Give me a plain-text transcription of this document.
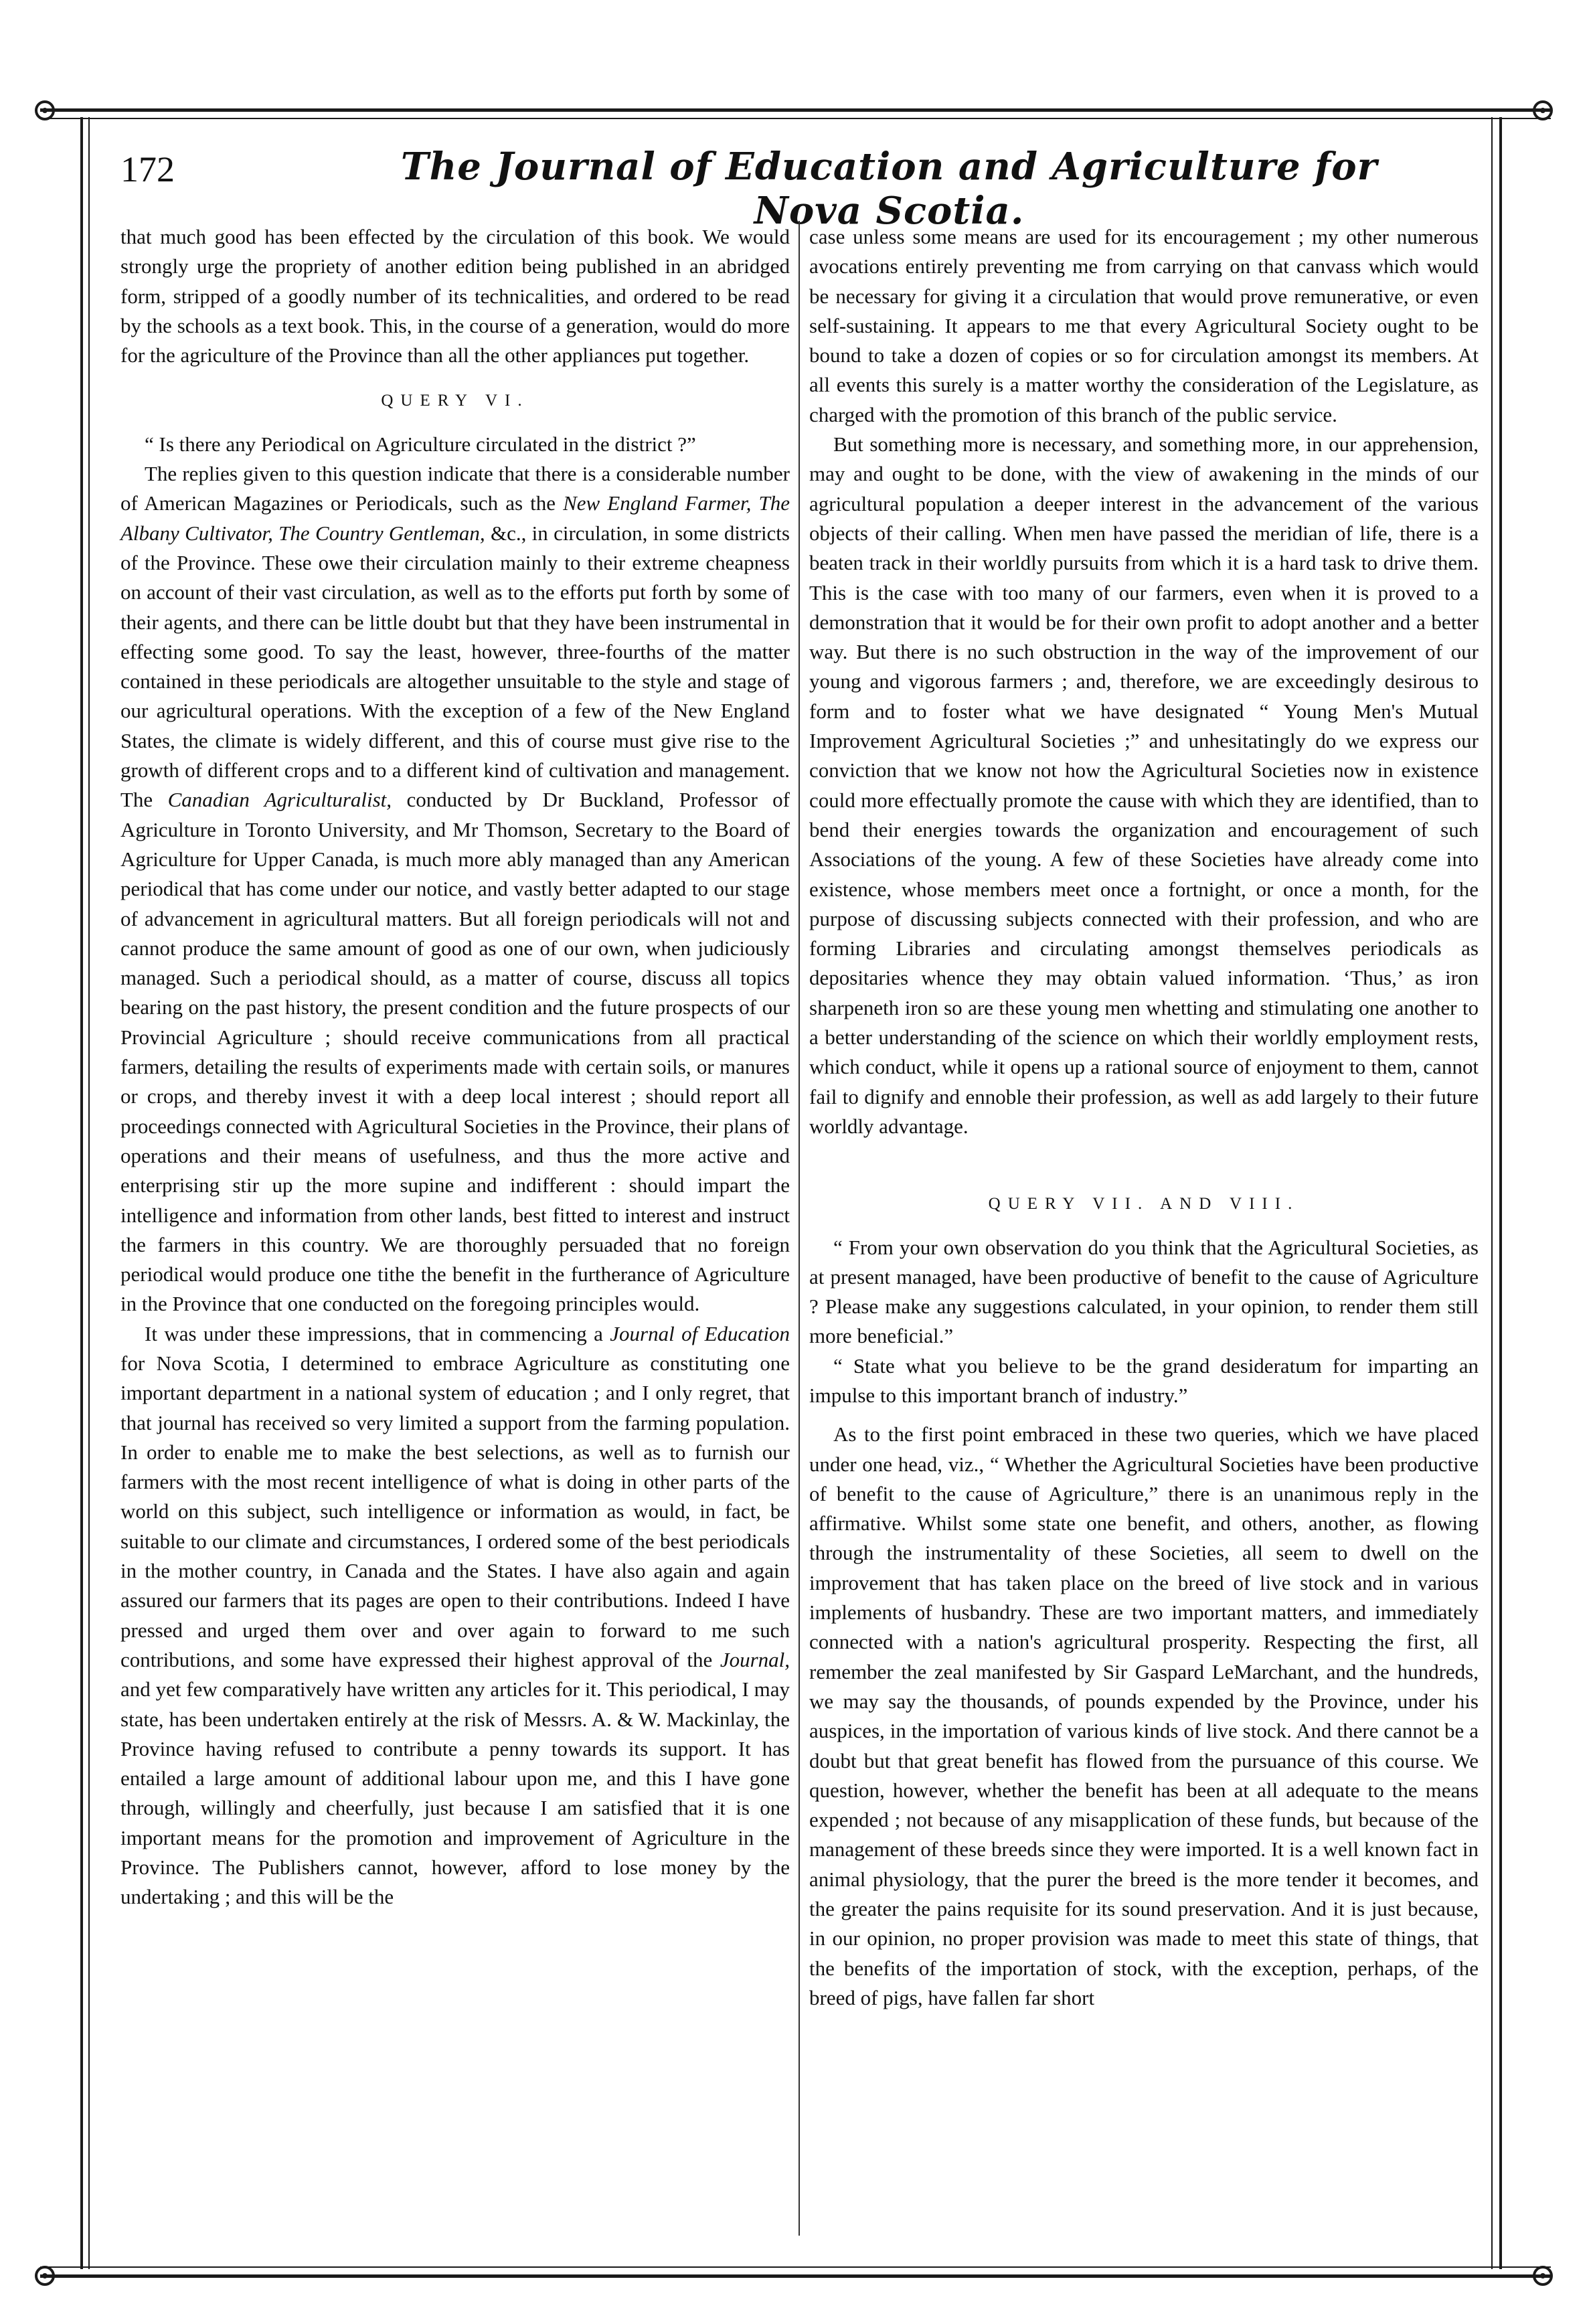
172	The Journal of Education and Agriculture for Nova Scotia.

that much good has been effected by the circulation of this book. We would strongly urge the propriety of another edition being published in an abridged form, stripped of a goodly number of its technicalities, and ordered to be read by the schools as a text book. This, in the course of a generation, would do more for the agriculture of the Province than all the other appliances put together.

QUERY VI.

“ Is there any Periodical on Agriculture circulated in the district ?”

The replies given to this question indicate that there is a considerable number of American Magazines or Periodicals, such as the New England Farmer, The Albany Cultivator, The Country Gentleman, &c., in circulation, in some districts of the Province. These owe their circulation mainly to their extreme cheapness on account of their vast circulation, as well as to the efforts put forth by some of their agents, and there can be little doubt but that they have been instrumental in effecting some good. To say the least, however, three-fourths of the matter contained in these periodicals are altogether unsuitable to the style and stage of our agricultural operations. With the exception of a few of the New England States, the climate is widely different, and this of course must give rise to the growth of different crops and to a different kind of cultivation and management. The Canadian Agriculturalist, conducted by Dr Buckland, Professor of Agriculture in Toronto University, and Mr Thomson, Secretary to the Board of Agriculture for Upper Canada, is much more ably managed than any American periodical that has come under our notice, and vastly better adapted to our stage of advancement in agricultural matters. But all foreign periodicals will not and cannot produce the same amount of good as one of our own, when judiciously managed. Such a periodical should, as a matter of course, discuss all topics bearing on the past history, the present condition and the future prospects of our Provincial Agriculture ; should receive communications from all practical farmers, detailing the results of experiments made with certain soils, or manures or crops, and thereby invest it with a deep local interest ; should report all proceedings connected with Agricultural Societies in the Province, their plans of operations and their means of usefulness, and thus the more active and enterprising stir up the more supine and indifferent : should impart the intelligence and information from other lands, best fitted to interest and instruct the farmers in this country. We are thoroughly persuaded that no foreign periodical would produce one tithe the benefit in the furtherance of Agriculture in the Province that one conducted on the foregoing principles would.

It was under these impressions, that in commencing a Journal of Education for Nova Scotia, I determined to embrace Agriculture as constituting one important department in a national system of education ; and I only regret, that that journal has received so very limited a support from the farming population. In order to enable me to make the best selections, as well as to furnish our farmers with the most recent intelligence of what is doing in other parts of the world on this subject, such intelligence or information as would, in fact, be suitable to our climate and circumstances, I ordered some of the best periodicals in the mother country, in Canada and the States. I have also again and again assured our farmers that its pages are open to their contributions. Indeed I have pressed and urged them over and over again to forward to me such contributions, and some have expressed their highest approval of the Journal, and yet few comparatively have written any articles for it. This periodical, I may state, has been undertaken entirely at the risk of Messrs. A. & W. Mackinlay, the Province having refused to contribute a penny towards its support. It has entailed a large amount of additional labour upon me, and this I have gone through, willingly and cheerfully, just because I am satisfied that it is one important means for the promotion and improvement of Agriculture in the Province. The Publishers cannot, however, afford to lose money by the undertaking ; and this will be the

case unless some means are used for its encouragement ; my other numerous avocations entirely preventing me from carrying on that canvass which would be necessary for giving it a circulation that would prove remunerative, or even self-sustaining. It appears to me that every Agricultural Society ought to be bound to take a dozen of copies or so for circulation amongst its members. At all events this surely is a matter worthy the consideration of the Legislature, as charged with the promotion of this branch of the public service.

But something more is necessary, and something more, in our apprehension, may and ought to be done, with the view of awakening in the minds of our agricultural population a deeper interest in the advancement of the various objects of their calling. When men have passed the meridian of life, there is a beaten track in their worldly pursuits from which it is a hard task to drive them. This is the case with too many of our farmers, even when it is proved to a demonstration that it would be for their own profit to adopt another and a better way. But there is no such obstruction in the way of the improvement of our young and vigorous farmers ; and, therefore, we are exceedingly desirous to form and to foster what we have designated “ Young Men's Mutual Improvement Agricultural Societies ;” and unhesitatingly do we express our conviction that we know not how the Agricultural Societies now in existence could more effectually promote the cause with which they are identified, than to bend their energies towards the organization and encouragement of such Associations of the young. A few of these Societies have already come into existence, whose members meet once a fortnight, or once a month, for the purpose of discussing subjects connected with their profession, and who are forming Libraries and circulating amongst themselves periodicals as depositaries whence they may obtain valued information. ‘Thus,’ as iron sharpeneth iron so are these young men whetting and stimulating one another to a better understanding of the science on which their worldly employment rests, which conduct, while it opens up a rational source of enjoyment to them, cannot fail to dignify and ennoble their profession, as well as add largely to their future worldly advantage.

QUERY VII. AND VIII.

“ From your own observation do you think that the Agricultural Societies, as at present managed, have been productive of benefit to the cause of Agriculture ? Please make any suggestions calculated, in your opinion, to render them still more beneficial.”

“ State what you believe to be the grand desideratum for imparting an impulse to this important branch of industry.”

As to the first point embraced in these two queries, which we have placed under one head, viz., “ Whether the Agricultural Societies have been productive of benefit to the cause of Agriculture,” there is an unanimous reply in the affirmative. Whilst some state one benefit, and others, another, as flowing through the instrumentality of these Societies, all seem to dwell on the improvement that has taken place on the breed of live stock and in various implements of husbandry. These are two important matters, and immediately connected with a nation's agricultural prosperity. Respecting the first, all remember the zeal manifested by Sir Gaspard LeMarchant, and the hundreds, we may say the thousands, of pounds expended by the Province, under his auspices, in the importation of various kinds of live stock. And there cannot be a doubt but that great benefit has flowed from the pursuance of this course. We question, however, whether the benefit has been at all adequate to the means expended ; not because of any misapplication of these funds, but because of the management of these breeds since they were imported. It is a well known fact in animal physiology, that the purer the breed is the more tender it becomes, and the greater the pains requisite for its sound preservation. And it is just because, in our opinion, no proper provision was made to meet this state of things, that the benefits of the importation of stock, with the exception, perhaps, of the breed of pigs, have fallen far short
